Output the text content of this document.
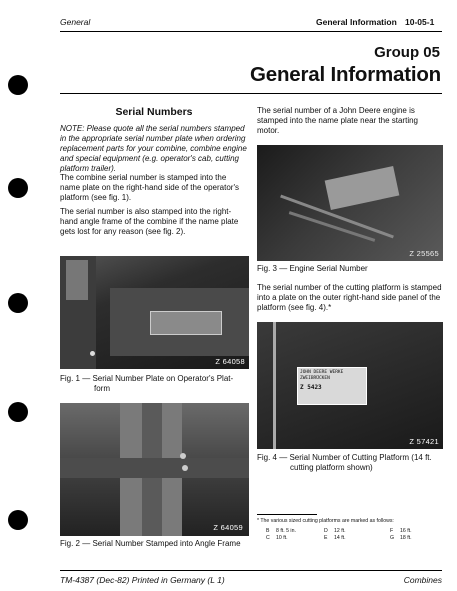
General	General Information 10-05-1
Group 05
General Information
Serial Numbers
NOTE: Please quote all the serial numbers stamped in the appropriate serial number plate when ordering replacement parts for your combine, combine engine and special equipment (e.g. operator's cab, cutting platform trailer).
The combine serial number is stamped into the name plate on the right-hand side of the operator's platform (see fig. 1).
The serial number is also stamped into the right-hand angle frame of the combine if the name plate gets lost for any reason (see fig. 2).
Z 64058
Fig. 1 — Serial Number Plate on Operator's Plat-
form
Z 64059
Fig. 2 — Serial Number Stamped into Angle Frame
The serial number of a John Deere engine is stamped into the name plate near the starting motor.
Z 25565
Fig. 3 — Engine Serial Number
The serial number of the cutting platform is stamped into a plate on the outer right-hand side panel of the platform (see fig. 4).*
JOHN DEERE WERKE
ZWEIBRÜCKEN
Z 5423
Z 57421
Fig. 4 — Serial Number of Cutting Platform (14 ft.
cutting platform shown)
* The various sized cutting platforms are marked as follows:
B 8 ft. 5 in.	D 12 ft.	F 16 ft.
C 10 ft.	E 14 ft.	G 18 ft.
TM-4387 (Dec-82) Printed in Germany (L 1)	Combines
